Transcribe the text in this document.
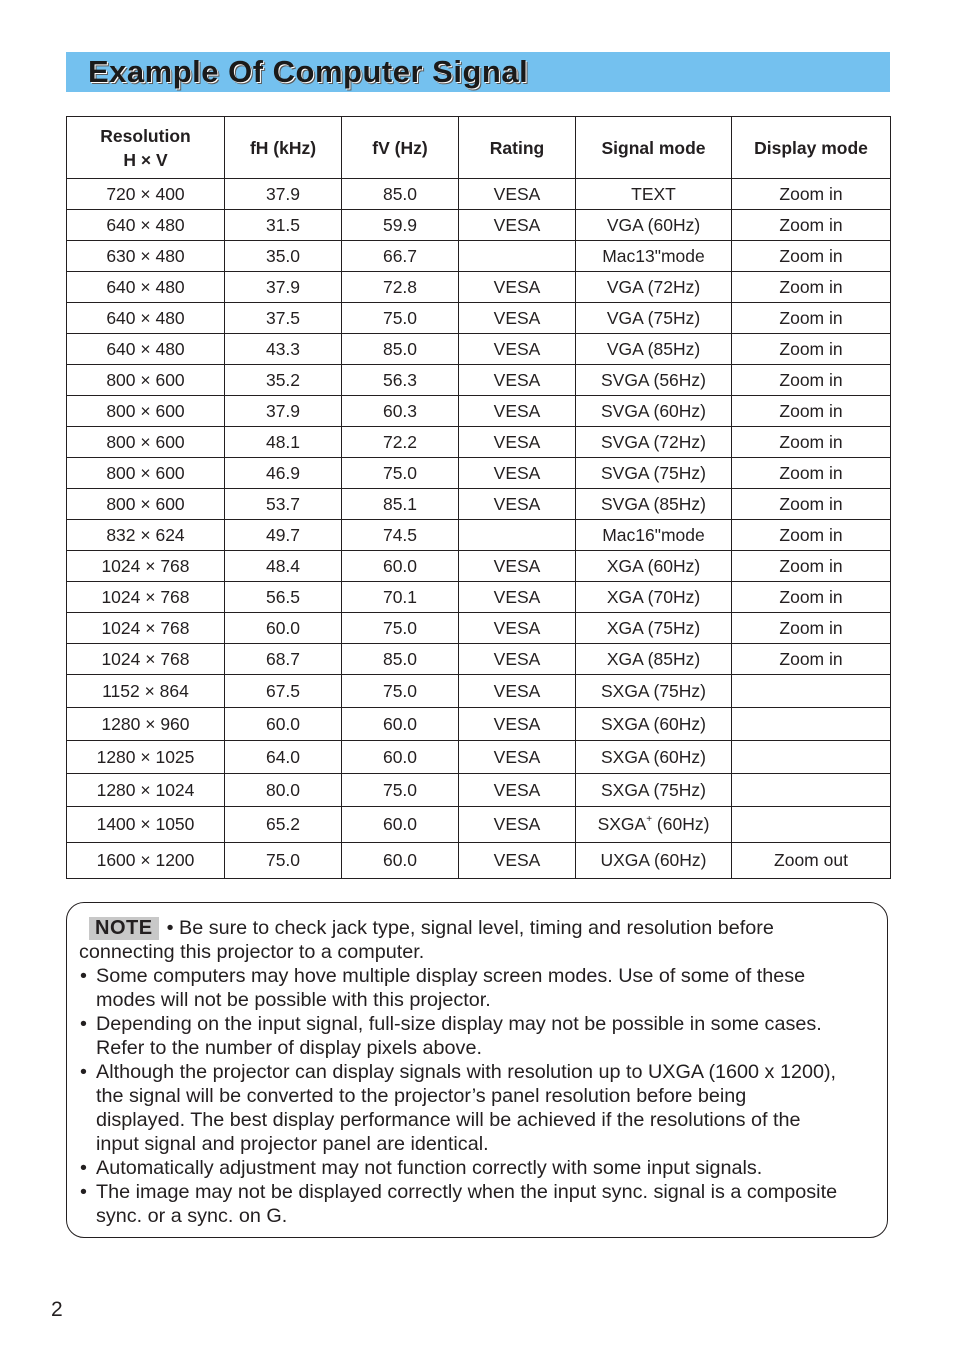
Example Of Computer Signal
Resolution
H × V	fH (kHz)	fV (Hz)	Rating	Signal mode	Display mode
720 × 400	37.9	85.0	VESA	TEXT	Zoom in
640 × 480	31.5	59.9	VESA	VGA (60Hz)	Zoom in
630 × 480	35.0	66.7		Mac13"mode	Zoom in
640 × 480	37.9	72.8	VESA	VGA (72Hz)	Zoom in
640 × 480	37.5	75.0	VESA	VGA (75Hz)	Zoom in
640 × 480	43.3	85.0	VESA	VGA (85Hz)	Zoom in
800 × 600	35.2	56.3	VESA	SVGA (56Hz)	Zoom in
800 × 600	37.9	60.3	VESA	SVGA (60Hz)	Zoom in
800 × 600	48.1	72.2	VESA	SVGA (72Hz)	Zoom in
800 × 600	46.9	75.0	VESA	SVGA (75Hz)	Zoom in
800 × 600	53.7	85.1	VESA	SVGA (85Hz)	Zoom in
832 × 624	49.7	74.5		Mac16"mode	Zoom in
1024 × 768	48.4	60.0	VESA	XGA (60Hz)	Zoom in
1024 × 768	56.5	70.1	VESA	XGA (70Hz)	Zoom in
1024 × 768	60.0	75.0	VESA	XGA (75Hz)	Zoom in
1024 × 768	68.7	85.0	VESA	XGA (85Hz)	Zoom in
1152 × 864	67.5	75.0	VESA	SXGA (75Hz)	
1280 × 960	60.0	60.0	VESA	SXGA (60Hz)	
1280 × 1025	64.0	60.0	VESA	SXGA (60Hz)	
1280 × 1024	80.0	75.0	VESA	SXGA (75Hz)	
1400 × 1050	65.2	60.0	VESA	SXGA+ (60Hz)	
1600 × 1200	75.0	60.0	VESA	UXGA (60Hz)	Zoom out
NOTE • Be sure to check jack type, signal level, timing and resolution before
connecting this projector to a computer.
• Some computers may hove multiple display screen modes. Use of some of these
modes will not be possible with this projector.
• Depending on the input signal, full-size display may not be possible in some cases.
Refer to the number of display pixels above.
• Although the projector can display signals with resolution up to UXGA (1600 x 1200),
the signal will be converted to the projector’s panel resolution before being
displayed. The best display performance will be achieved if the resolutions of the
input signal and projector panel are identical.
• Automatically adjustment may not function correctly with some input signals.
• The image may not be displayed correctly when the input sync. signal is a composite
sync. or a sync. on G.
2
